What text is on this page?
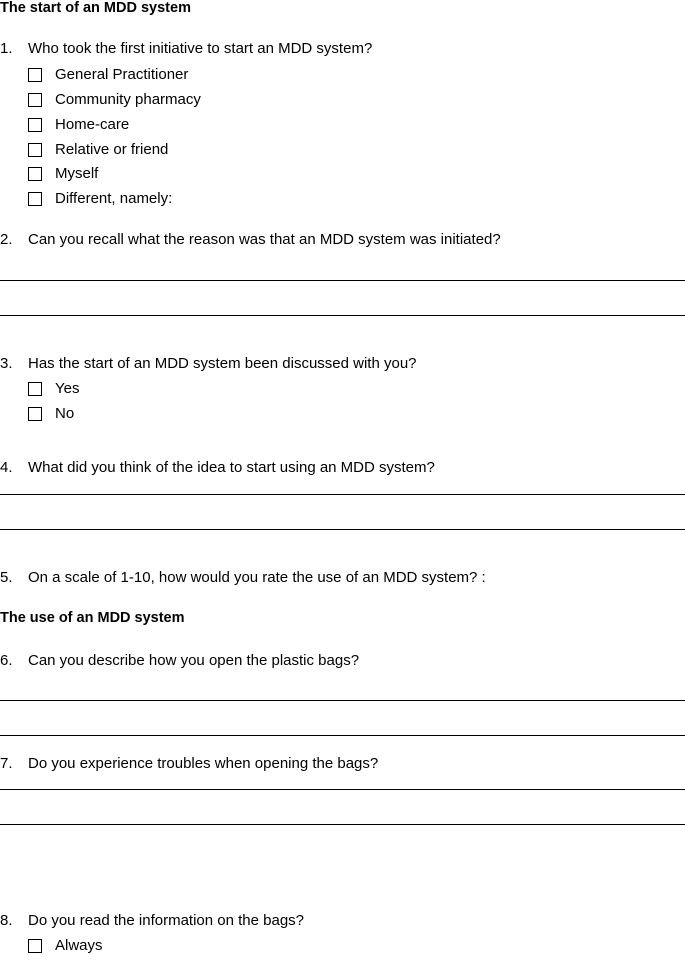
The start of an MDD system
1. Who took the first initiative to start an MDD system?
General Practitioner
Community pharmacy
Home-care
Relative or friend
Myself
Different, namely:
2. Can you recall what the reason was that an MDD system was initiated?
3. Has the start of an MDD system been discussed with you?
Yes
No
4. What did you think of the idea to start using an MDD system?
5. On a scale of 1-10, how would you rate the use of an MDD system? :
The use of an MDD system
6. Can you describe how you open the plastic bags?
7. Do you experience troubles when opening the bags?
8. Do you read the information on the bags?
Always
